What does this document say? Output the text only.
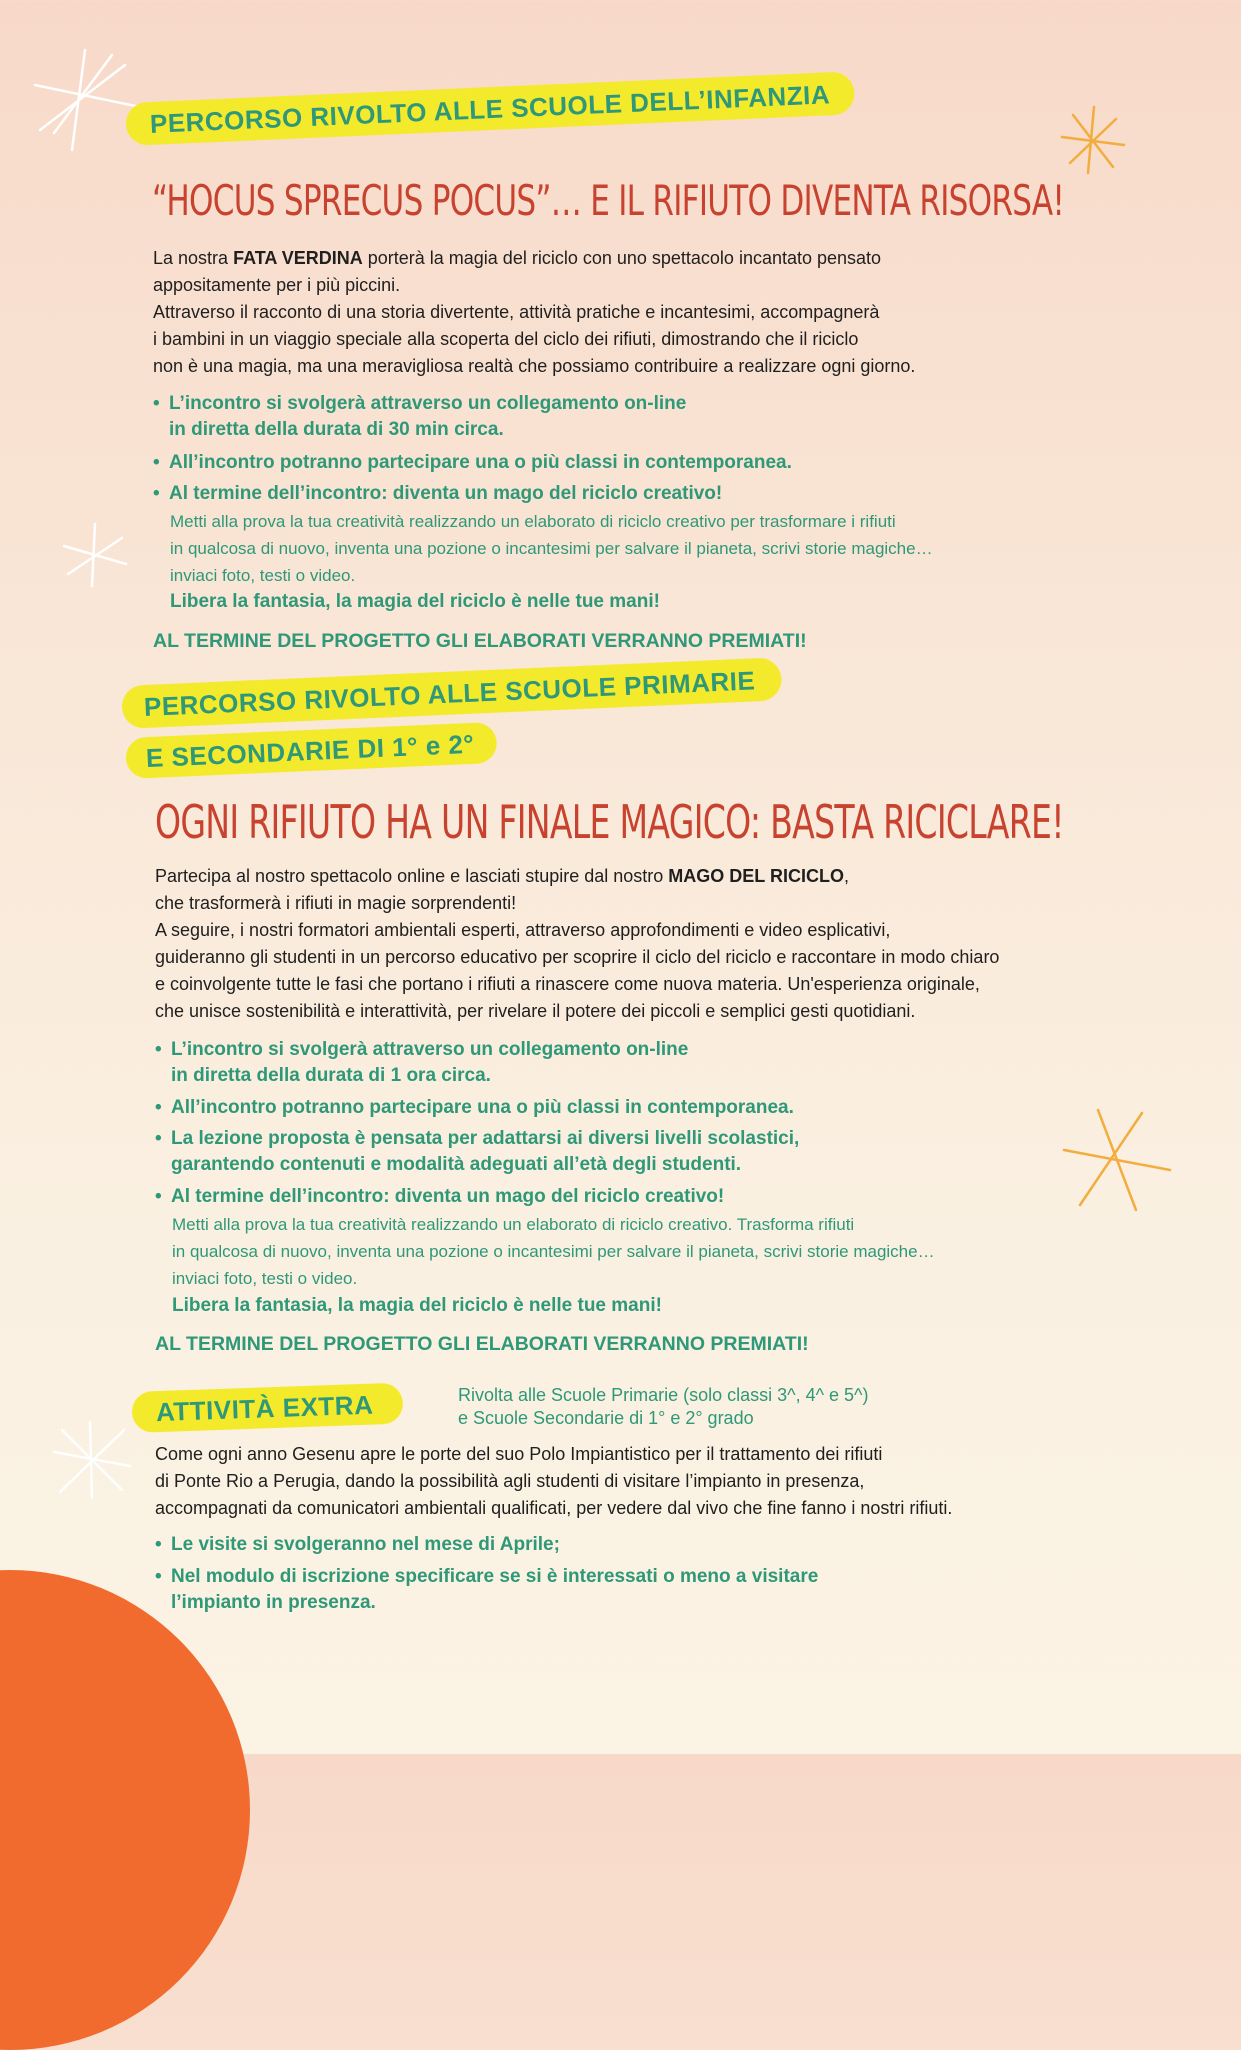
PERCORSO RIVOLTO ALLE SCUOLE DELL’INFANZIA
“HOCUS SPRECUS POCUS”… E IL RIFIUTO DIVENTA RISORSA!

La nostra FATA VERDINA porterà la magia del riciclo con uno spettacolo incantato pensato
appositamente per i più piccini.
Attraverso il racconto di una storia divertente, attività pratiche e incantesimi, accompagnerà
i bambini in un viaggio speciale alla scoperta del ciclo dei rifiuti, dimostrando che il riciclo
non è una magia, ma una meravigliosa realtà che possiamo contribuire a realizzare ogni giorno.

• L’incontro si svolgerà attraverso un collegamento on-line
in diretta della durata di 30 min circa.
• All’incontro potranno partecipare una o più classi in contemporanea.
• Al termine dell’incontro: diventa un mago del riciclo creativo!
Metti alla prova la tua creatività realizzando un elaborato di riciclo creativo per trasformare i rifiuti
in qualcosa di nuovo, inventa una pozione o incantesimi per salvare il pianeta, scrivi storie magiche…
inviaci foto, testi o video.
Libera la fantasia, la magia del riciclo è nelle tue mani!
AL TERMINE DEL PROGETTO GLI ELABORATI VERRANNO PREMIATI!
PERCORSO RIVOLTO ALLE SCUOLE PRIMARIE
E SECONDARIE DI 1° e 2°
OGNI RIFIUTO HA UN FINALE MAGICO: BASTA RICICLARE!

Partecipa al nostro spettacolo online e lasciati stupire dal nostro MAGO DEL RICICLO,
che trasformerà i rifiuti in magie sorprendenti!
A seguire, i nostri formatori ambientali esperti, attraverso approfondimenti e video esplicativi,
guideranno gli studenti in un percorso educativo per scoprire il ciclo del riciclo e raccontare in modo chiaro
e coinvolgente tutte le fasi che portano i rifiuti a rinascere come nuova materia. Un'esperienza originale,
che unisce sostenibilità e interattività, per rivelare il potere dei piccoli e semplici gesti quotidiani.

• L’incontro si svolgerà attraverso un collegamento on-line
in diretta della durata di 1 ora circa.
• All’incontro potranno partecipare una o più classi in contemporanea.
• La lezione proposta è pensata per adattarsi ai diversi livelli scolastici,
garantendo contenuti e modalità adeguati all’età degli studenti.
• Al termine dell’incontro: diventa un mago del riciclo creativo!
Metti alla prova la tua creatività realizzando un elaborato di riciclo creativo. Trasforma rifiuti
in qualcosa di nuovo, inventa una pozione o incantesimi per salvare il pianeta, scrivi storie magiche…
inviaci foto, testi o video.
Libera la fantasia, la magia del riciclo è nelle tue mani!
AL TERMINE DEL PROGETTO GLI ELABORATI VERRANNO PREMIATI!
ATTIVITÀ EXTRA	Rivolta alle Scuole Primarie (solo classi 3^, 4^ e 5^)
e Scuole Secondarie di 1° e 2° grado

Come ogni anno Gesenu apre le porte del suo Polo Impiantistico per il trattamento dei rifiuti
di Ponte Rio a Perugia, dando la possibilità agli studenti di visitare l’impianto in presenza,
accompagnati da comunicatori ambientali qualificati, per vedere dal vivo che fine fanno i nostri rifiuti.

• Le visite si svolgeranno nel mese di Aprile;
• Nel modulo di iscrizione specificare se si è interessati o meno a visitare
l’impianto in presenza.
